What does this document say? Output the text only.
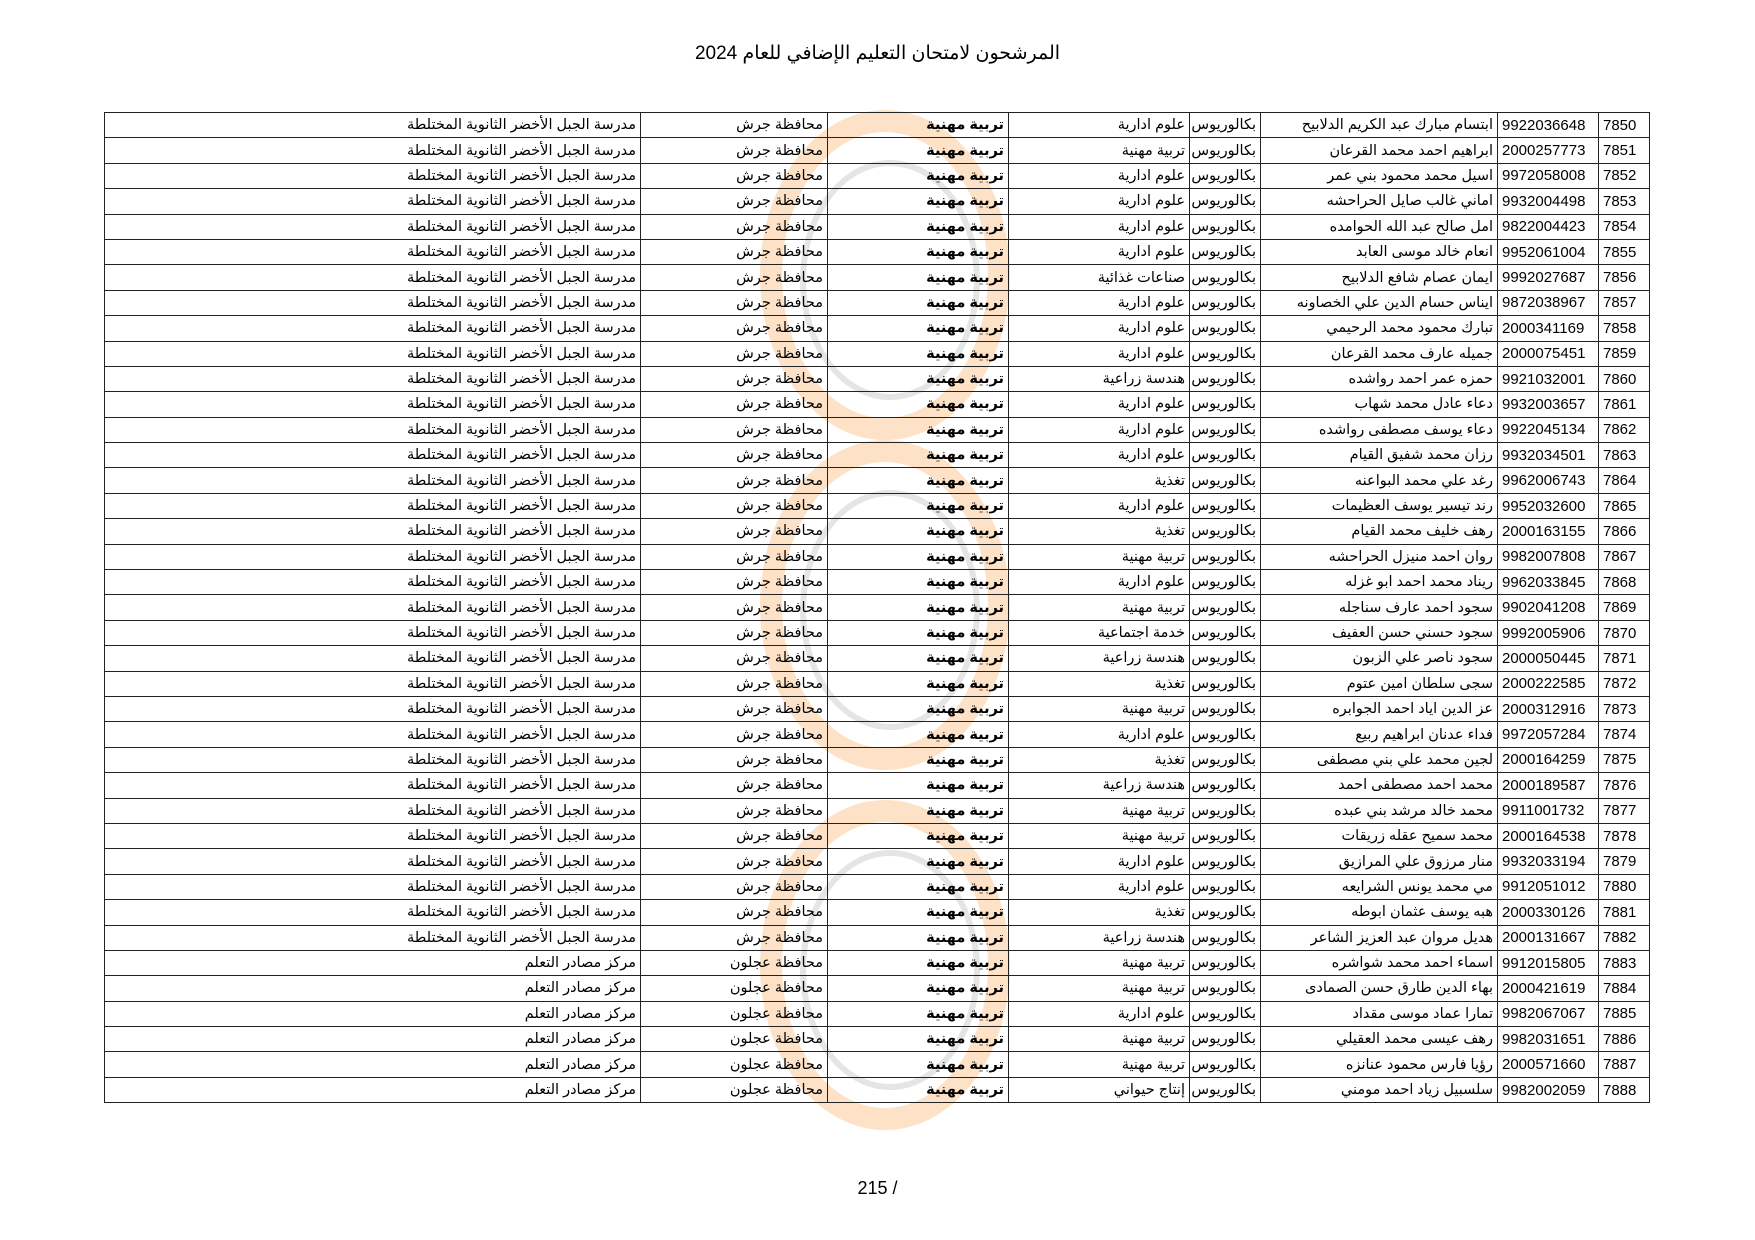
المرشحون لامتحان التعليم الإضافي للعام 2024
7850	9922036648	ابتسام مبارك عبد الكريم الدلابيح	بكالوريوس	علوم ادارية	تربية مهنية	محافظة جرش	مدرسة الجبل الأخضر الثانوية المختلطة
7851	2000257773	ابراهيم احمد محمد القرعان	بكالوريوس	تربية مهنية	تربية مهنية	محافظة جرش	مدرسة الجبل الأخضر الثانوية المختلطة
7852	9972058008	اسيل محمد محمود بني عمر	بكالوريوس	علوم ادارية	تربية مهنية	محافظة جرش	مدرسة الجبل الأخضر الثانوية المختلطة
7853	9932004498	اماني غالب صايل الحراحشه	بكالوريوس	علوم ادارية	تربية مهنية	محافظة جرش	مدرسة الجبل الأخضر الثانوية المختلطة
7854	9822004423	امل صالح عبد الله الحوامده	بكالوريوس	علوم ادارية	تربية مهنية	محافظة جرش	مدرسة الجبل الأخضر الثانوية المختلطة
7855	9952061004	انعام خالد موسى العابد	بكالوريوس	علوم ادارية	تربية مهنية	محافظة جرش	مدرسة الجبل الأخضر الثانوية المختلطة
7856	9992027687	ايمان عصام شافع الدلابيح	بكالوريوس	صناعات غذائية	تربية مهنية	محافظة جرش	مدرسة الجبل الأخضر الثانوية المختلطة
7857	9872038967	ايناس حسام الدين علي الخصاونه	بكالوريوس	علوم ادارية	تربية مهنية	محافظة جرش	مدرسة الجبل الأخضر الثانوية المختلطة
7858	2000341169	تبارك محمود محمد الرحيمي	بكالوريوس	علوم ادارية	تربية مهنية	محافظة جرش	مدرسة الجبل الأخضر الثانوية المختلطة
7859	2000075451	جميله عارف محمد القرعان	بكالوريوس	علوم ادارية	تربية مهنية	محافظة جرش	مدرسة الجبل الأخضر الثانوية المختلطة
7860	9921032001	حمزه عمر احمد رواشده	بكالوريوس	هندسة زراعية	تربية مهنية	محافظة جرش	مدرسة الجبل الأخضر الثانوية المختلطة
7861	9932003657	دعاء عادل محمد شهاب	بكالوريوس	علوم ادارية	تربية مهنية	محافظة جرش	مدرسة الجبل الأخضر الثانوية المختلطة
7862	9922045134	دعاء يوسف مصطفى رواشده	بكالوريوس	علوم ادارية	تربية مهنية	محافظة جرش	مدرسة الجبل الأخضر الثانوية المختلطة
7863	9932034501	رزان محمد شفيق القيام	بكالوريوس	علوم ادارية	تربية مهنية	محافظة جرش	مدرسة الجبل الأخضر الثانوية المختلطة
7864	9962006743	رغد علي محمد البواعنه	بكالوريوس	تغذية	تربية مهنية	محافظة جرش	مدرسة الجبل الأخضر الثانوية المختلطة
7865	9952032600	رند تيسير يوسف العظيمات	بكالوريوس	علوم ادارية	تربية مهنية	محافظة جرش	مدرسة الجبل الأخضر الثانوية المختلطة
7866	2000163155	رهف خليف محمد القيام	بكالوريوس	تغذية	تربية مهنية	محافظة جرش	مدرسة الجبل الأخضر الثانوية المختلطة
7867	9982007808	روان احمد منيزل الحراحشه	بكالوريوس	تربية مهنية	تربية مهنية	محافظة جرش	مدرسة الجبل الأخضر الثانوية المختلطة
7868	9962033845	ريناد محمد احمد ابو غزله	بكالوريوس	علوم ادارية	تربية مهنية	محافظة جرش	مدرسة الجبل الأخضر الثانوية المختلطة
7869	9902041208	سجود احمد عارف سناجله	بكالوريوس	تربية مهنية	تربية مهنية	محافظة جرش	مدرسة الجبل الأخضر الثانوية المختلطة
7870	9992005906	سجود حسني حسن العفيف	بكالوريوس	خدمة اجتماعية	تربية مهنية	محافظة جرش	مدرسة الجبل الأخضر الثانوية المختلطة
7871	2000050445	سجود ناصر علي الزبون	بكالوريوس	هندسة زراعية	تربية مهنية	محافظة جرش	مدرسة الجبل الأخضر الثانوية المختلطة
7872	2000222585	سجى سلطان امين عتوم	بكالوريوس	تغذية	تربية مهنية	محافظة جرش	مدرسة الجبل الأخضر الثانوية المختلطة
7873	2000312916	عز الدين اياد احمد الجوابره	بكالوريوس	تربية مهنية	تربية مهنية	محافظة جرش	مدرسة الجبل الأخضر الثانوية المختلطة
7874	9972057284	فداء عدنان ابراهيم ربيع	بكالوريوس	علوم ادارية	تربية مهنية	محافظة جرش	مدرسة الجبل الأخضر الثانوية المختلطة
7875	2000164259	لجين محمد علي بني مصطفى	بكالوريوس	تغذية	تربية مهنية	محافظة جرش	مدرسة الجبل الأخضر الثانوية المختلطة
7876	2000189587	محمد احمد مصطفى احمد	بكالوريوس	هندسة زراعية	تربية مهنية	محافظة جرش	مدرسة الجبل الأخضر الثانوية المختلطة
7877	9911001732	محمد خالد مرشد بني عبده	بكالوريوس	تربية مهنية	تربية مهنية	محافظة جرش	مدرسة الجبل الأخضر الثانوية المختلطة
7878	2000164538	محمد سميح عقله زريقات	بكالوريوس	تربية مهنية	تربية مهنية	محافظة جرش	مدرسة الجبل الأخضر الثانوية المختلطة
7879	9932033194	منار مرزوق علي المرازيق	بكالوريوس	علوم ادارية	تربية مهنية	محافظة جرش	مدرسة الجبل الأخضر الثانوية المختلطة
7880	9912051012	مي محمد يونس الشرايعه	بكالوريوس	علوم ادارية	تربية مهنية	محافظة جرش	مدرسة الجبل الأخضر الثانوية المختلطة
7881	2000330126	هبه يوسف عثمان ابوطه	بكالوريوس	تغذية	تربية مهنية	محافظة جرش	مدرسة الجبل الأخضر الثانوية المختلطة
7882	2000131667	هديل مروان عبد العزيز الشاعر	بكالوريوس	هندسة زراعية	تربية مهنية	محافظة جرش	مدرسة الجبل الأخضر الثانوية المختلطة
7883	9912015805	اسماء احمد محمد شواشره	بكالوريوس	تربية مهنية	تربية مهنية	محافظة عجلون	مركز مصادر التعلم
7884	2000421619	بهاء الدين طارق حسن الصمادى	بكالوريوس	تربية مهنية	تربية مهنية	محافظة عجلون	مركز مصادر التعلم
7885	9982067067	تمارا عماد موسى مقداد	بكالوريوس	علوم ادارية	تربية مهنية	محافظة عجلون	مركز مصادر التعلم
7886	9982031651	رهف عيسى محمد العقيلي	بكالوريوس	تربية مهنية	تربية مهنية	محافظة عجلون	مركز مصادر التعلم
7887	2000571660	رؤيا فارس محمود عنانزه	بكالوريوس	تربية مهنية	تربية مهنية	محافظة عجلون	مركز مصادر التعلم
7888	9982002059	سلسبيل زياد احمد مومني	بكالوريوس	إنتاج حيواني	تربية مهنية	محافظة عجلون	مركز مصادر التعلم
215 /
